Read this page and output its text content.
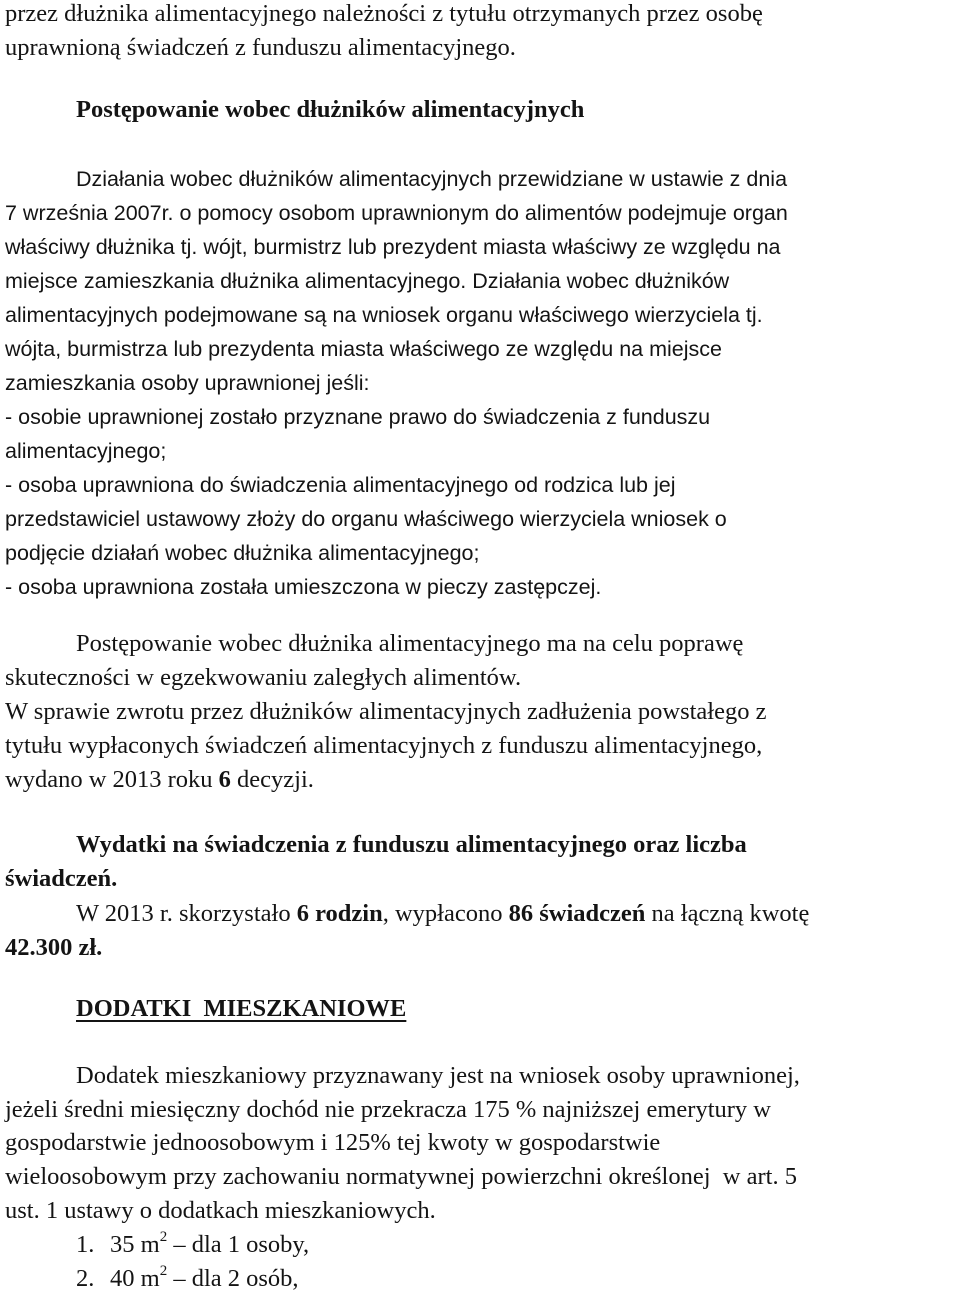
przez dłużnika alimentacyjnego należności z tytułu otrzymanych przez osobę
uprawnioną świadczeń z funduszu alimentacyjnego.
Postępowanie wobec dłużników alimentacyjnych
Działania wobec dłużników alimentacyjnych przewidziane w ustawie z dnia
7 września 2007r. o pomocy osobom uprawnionym do alimentów podejmuje organ
właściwy dłużnika tj. wójt, burmistrz lub prezydent miasta właściwy ze względu na
miejsce zamieszkania dłużnika alimentacyjnego. Działania wobec dłużników
alimentacyjnych podejmowane są na wniosek organu właściwego wierzyciela tj.
wójta, burmistrza lub prezydenta miasta właściwego ze względu na miejsce
zamieszkania osoby uprawnionej jeśli:
- osobie uprawnionej zostało przyznane prawo do świadczenia z funduszu
alimentacyjnego;
- osoba uprawniona do świadczenia alimentacyjnego od rodzica lub jej
przedstawiciel ustawowy złoży do organu właściwego wierzyciela wniosek o
podjęcie działań wobec dłużnika alimentacyjnego;
- osoba uprawniona została umieszczona w pieczy zastępczej.
Postępowanie wobec dłużnika alimentacyjnego ma na celu poprawę
skuteczności w egzekwowaniu zaległych alimentów.
W sprawie zwrotu przez dłużników alimentacyjnych zadłużenia powstałego z
tytułu wypłaconych świadczeń alimentacyjnych z funduszu alimentacyjnego,
wydano w 2013 roku 6 decyzji.
Wydatki na świadczenia z funduszu alimentacyjnego oraz liczba
świadczeń.
W 2013 r. skorzystało 6 rodzin, wypłacono 86 świadczeń na łączną kwotę
42.300 zł.
DODATKI  MIESZKANIOWE
Dodatek mieszkaniowy przyznawany jest na wniosek osoby uprawnionej,
jeżeli średni miesięczny dochód nie przekracza 175 % najniższej emerytury w
gospodarstwie jednoosobowym i 125% tej kwoty w gospodarstwie
wieloosobowym przy zachowaniu normatywnej powierzchni określonej  w art. 5
ust. 1 ustawy o dodatkach mieszkaniowych.
1. 35 $m^2$ – dla 1 osoby,
2. 40 $m^2$ – dla 2 osób,
